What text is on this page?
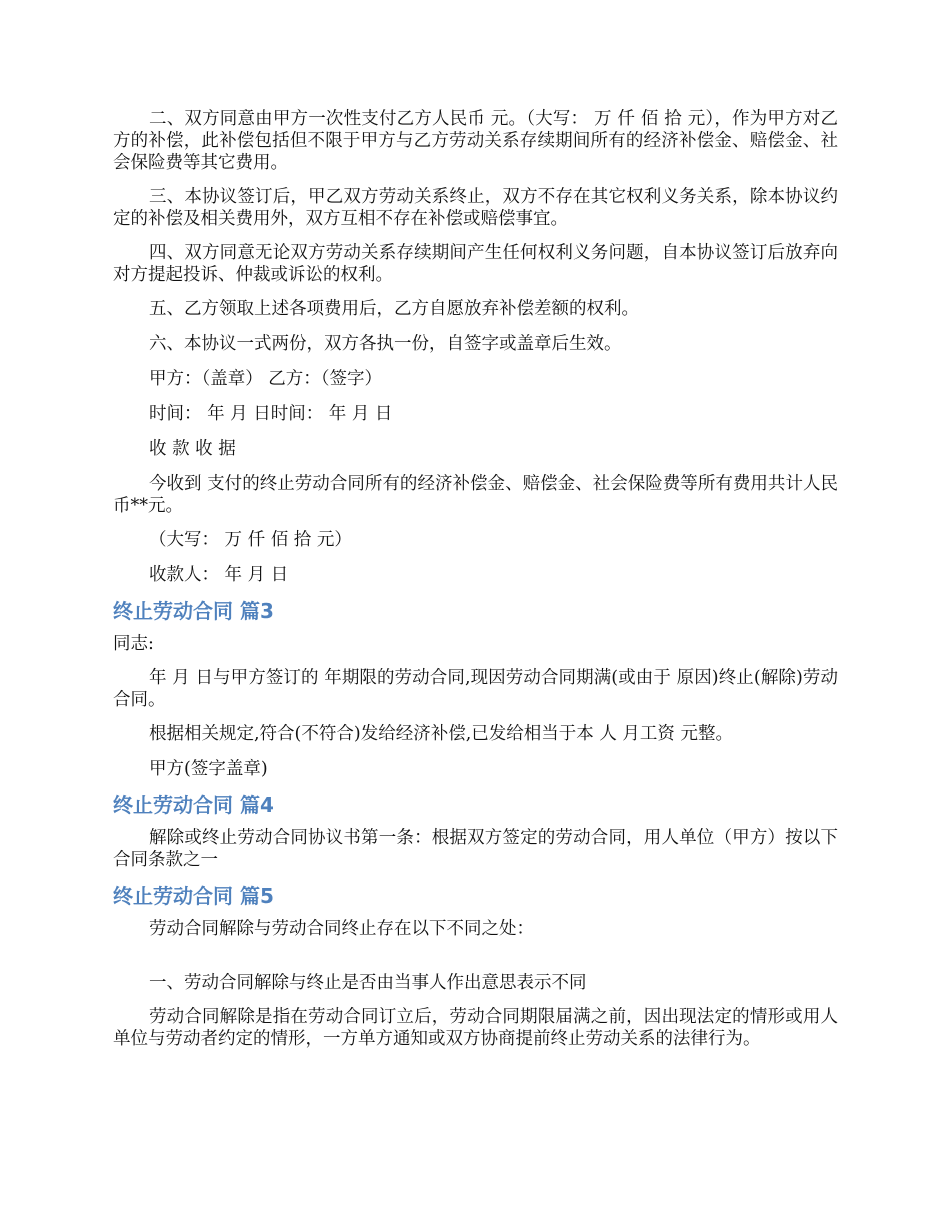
二、双方同意由甲方一次性支付乙方人民币 元。（大写： 万 仟 佰 拾 元），作为甲方对乙方的补偿，此补偿包括但不限于甲方与乙方劳动关系存续期间所有的经济补偿金、赔偿金、社会保险费等其它费用。

三、本协议签订后，甲乙双方劳动关系终止，双方不存在其它权利义务关系，除本协议约定的补偿及相关费用外，双方互相不存在补偿或赔偿事宜。

四、双方同意无论双方劳动关系存续期间产生任何权利义务问题，自本协议签订后放弃向对方提起投诉、仲裁或诉讼的权利。

五、乙方领取上述各项费用后，乙方自愿放弃补偿差额的权利。

六、本协议一式两份，双方各执一份，自签字或盖章后生效。

甲方：（盖章） 乙方：（签字）

时间： 年 月 日时间： 年 月 日

收 款 收 据

今收到 支付的终止劳动合同所有的经济补偿金、赔偿金、社会保险费等所有费用共计人民币**元。

（大写： 万 仟 佰 拾 元）

收款人： 年 月 日

终止劳动合同 篇3

同志:

年 月 日与甲方签订的 年期限的劳动合同,现因劳动合同期满(或由于 原因)终止(解除)劳动合同。

根据相关规定,符合(不符合)发给经济补偿,已发给相当于本 人 月工资 元整。

甲方(签字盖章)

终止劳动合同 篇4

解除或终止劳动合同协议书第一条：根据双方签定的劳动合同，用人单位（甲方）按以下合同条款之一

终止劳动合同 篇5

劳动合同解除与劳动合同终止存在以下不同之处：

一、劳动合同解除与终止是否由当事人作出意思表示不同

劳动合同解除是指在劳动合同订立后，劳动合同期限届满之前，因出现法定的情形或用人单位与劳动者约定的情形，一方单方通知或双方协商提前终止劳动关系的法律行为。
